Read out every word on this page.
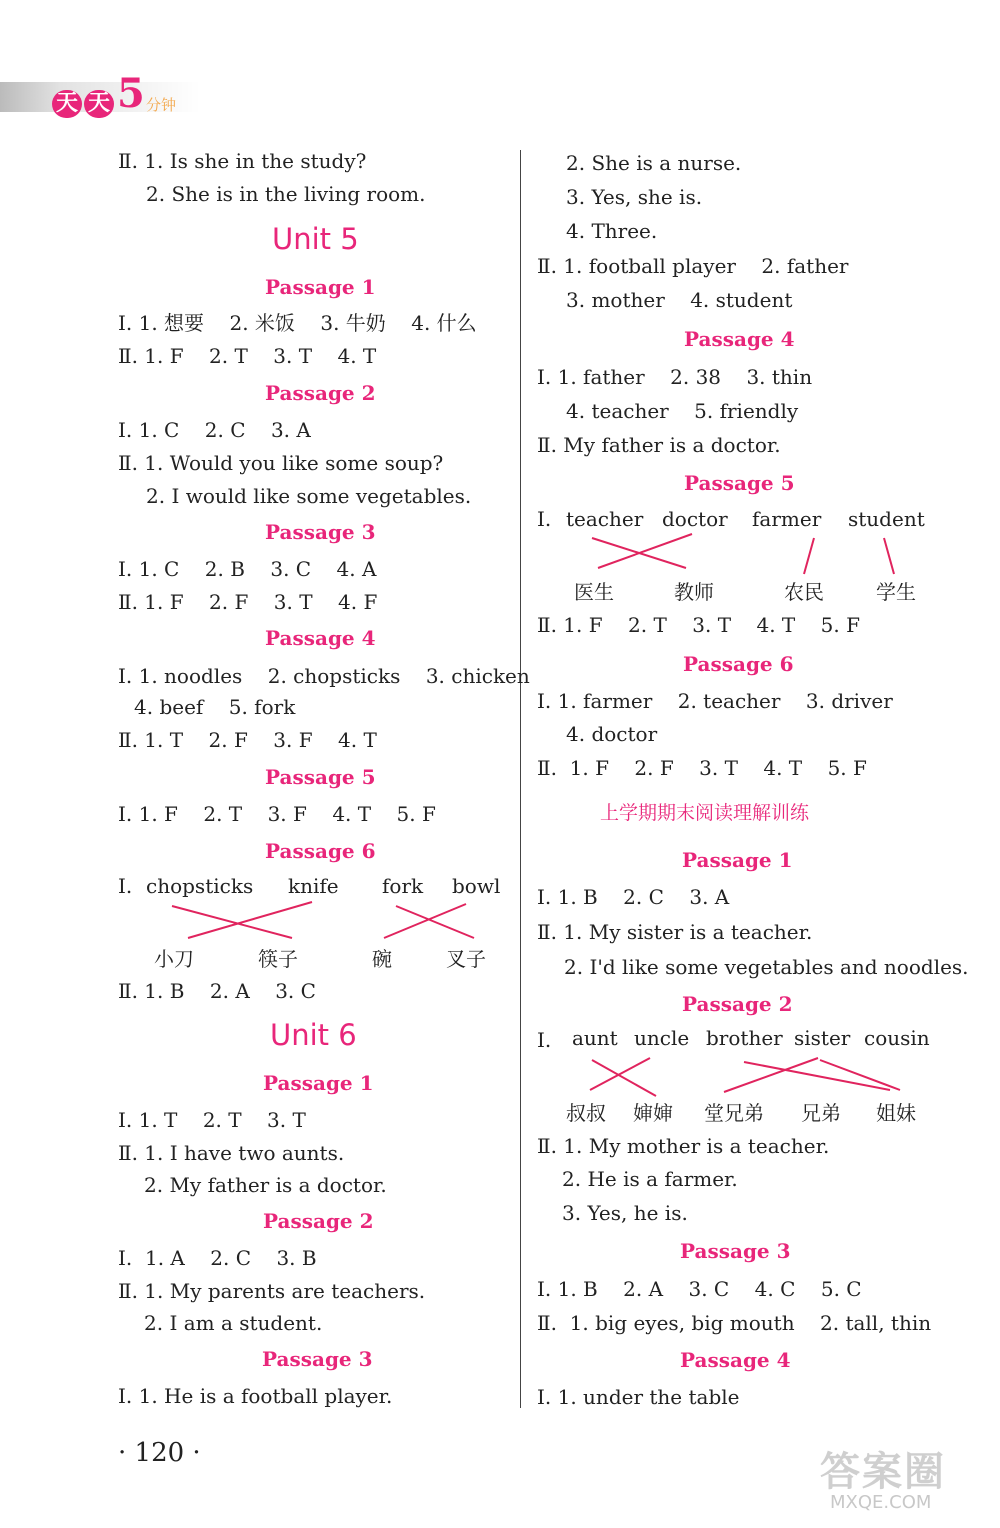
天 天 5 分钟
Ⅱ. 1. Is she in the study?
2. She is in the living room.
Unit 5
Passage 1
Ⅰ. 1. 想要    2. 米饭    3. 牛奶    4. 什么
Ⅱ. 1. F    2. T    3. T    4. T
Passage 2
Ⅰ. 1. C    2. C    3. A
Ⅱ. 1. Would you like some soup?
2. I would like some vegetables.
Passage 3
Ⅰ. 1. C    2. B    3. C    4. A
Ⅱ. 1. F    2. F    3. T    4. F
Passage 4
Ⅰ. 1. noodles    2. chopsticks    3. chicken
4. beef    5. fork
Ⅱ. 1. T    2. F    3. F    4. T
Passage 5
Ⅰ. 1. F    2. T    3. F    4. T    5. F
Passage 6
Ⅰ. chopsticks knife fork bowl
小刀	筷子	碗	叉子
Ⅱ. 1. B    2. A    3. C
Unit 6
Passage 1
Ⅰ. 1. T    2. T    3. T
Ⅱ. 1. I have two aunts.
2. My father is a doctor.
Passage 2
Ⅰ.  1. A    2. C    3. B
Ⅱ. 1. My parents are teachers.
2. I am a student.
Passage 3
Ⅰ. 1. He is a football player.
2. She is a nurse.
3. Yes, she is.
4. Three.
Ⅱ. 1. football player    2. father
3. mother    4. student
Passage 4
Ⅰ. 1. father    2. 38    3. thin
4. teacher    5. friendly
Ⅱ. My father is a doctor.
Passage 5
Ⅰ. teacher doctor farmer student
医生	教师	农民	学生
Ⅱ. 1. F    2. T    3. T    4. T    5. F
Passage 6
Ⅰ. 1. farmer    2. teacher    3. driver
4. doctor
Ⅱ.  1. F    2. F    3. T    4. T    5. F
上学期期末阅读理解训练
Passage 1
Ⅰ. 1. B    2. C    3. A
Ⅱ. 1. My sister is a teacher.
2. I'd like some vegetables and noodles.
Passage 2
Ⅰ. aunt uncle brother sister cousin
叔叔 婶婶 堂兄弟 兄弟 姐妹
Ⅱ. 1. My mother is a teacher.
2. He is a farmer.
3. Yes, he is.
Passage 3
Ⅰ. 1. B    2. A    3. C    4. C    5. C
Ⅱ.  1. big eyes, big mouth    2. tall, thin
Passage 4
Ⅰ. 1. under the table
· 120 ·	答案圈
MXQE.COM
